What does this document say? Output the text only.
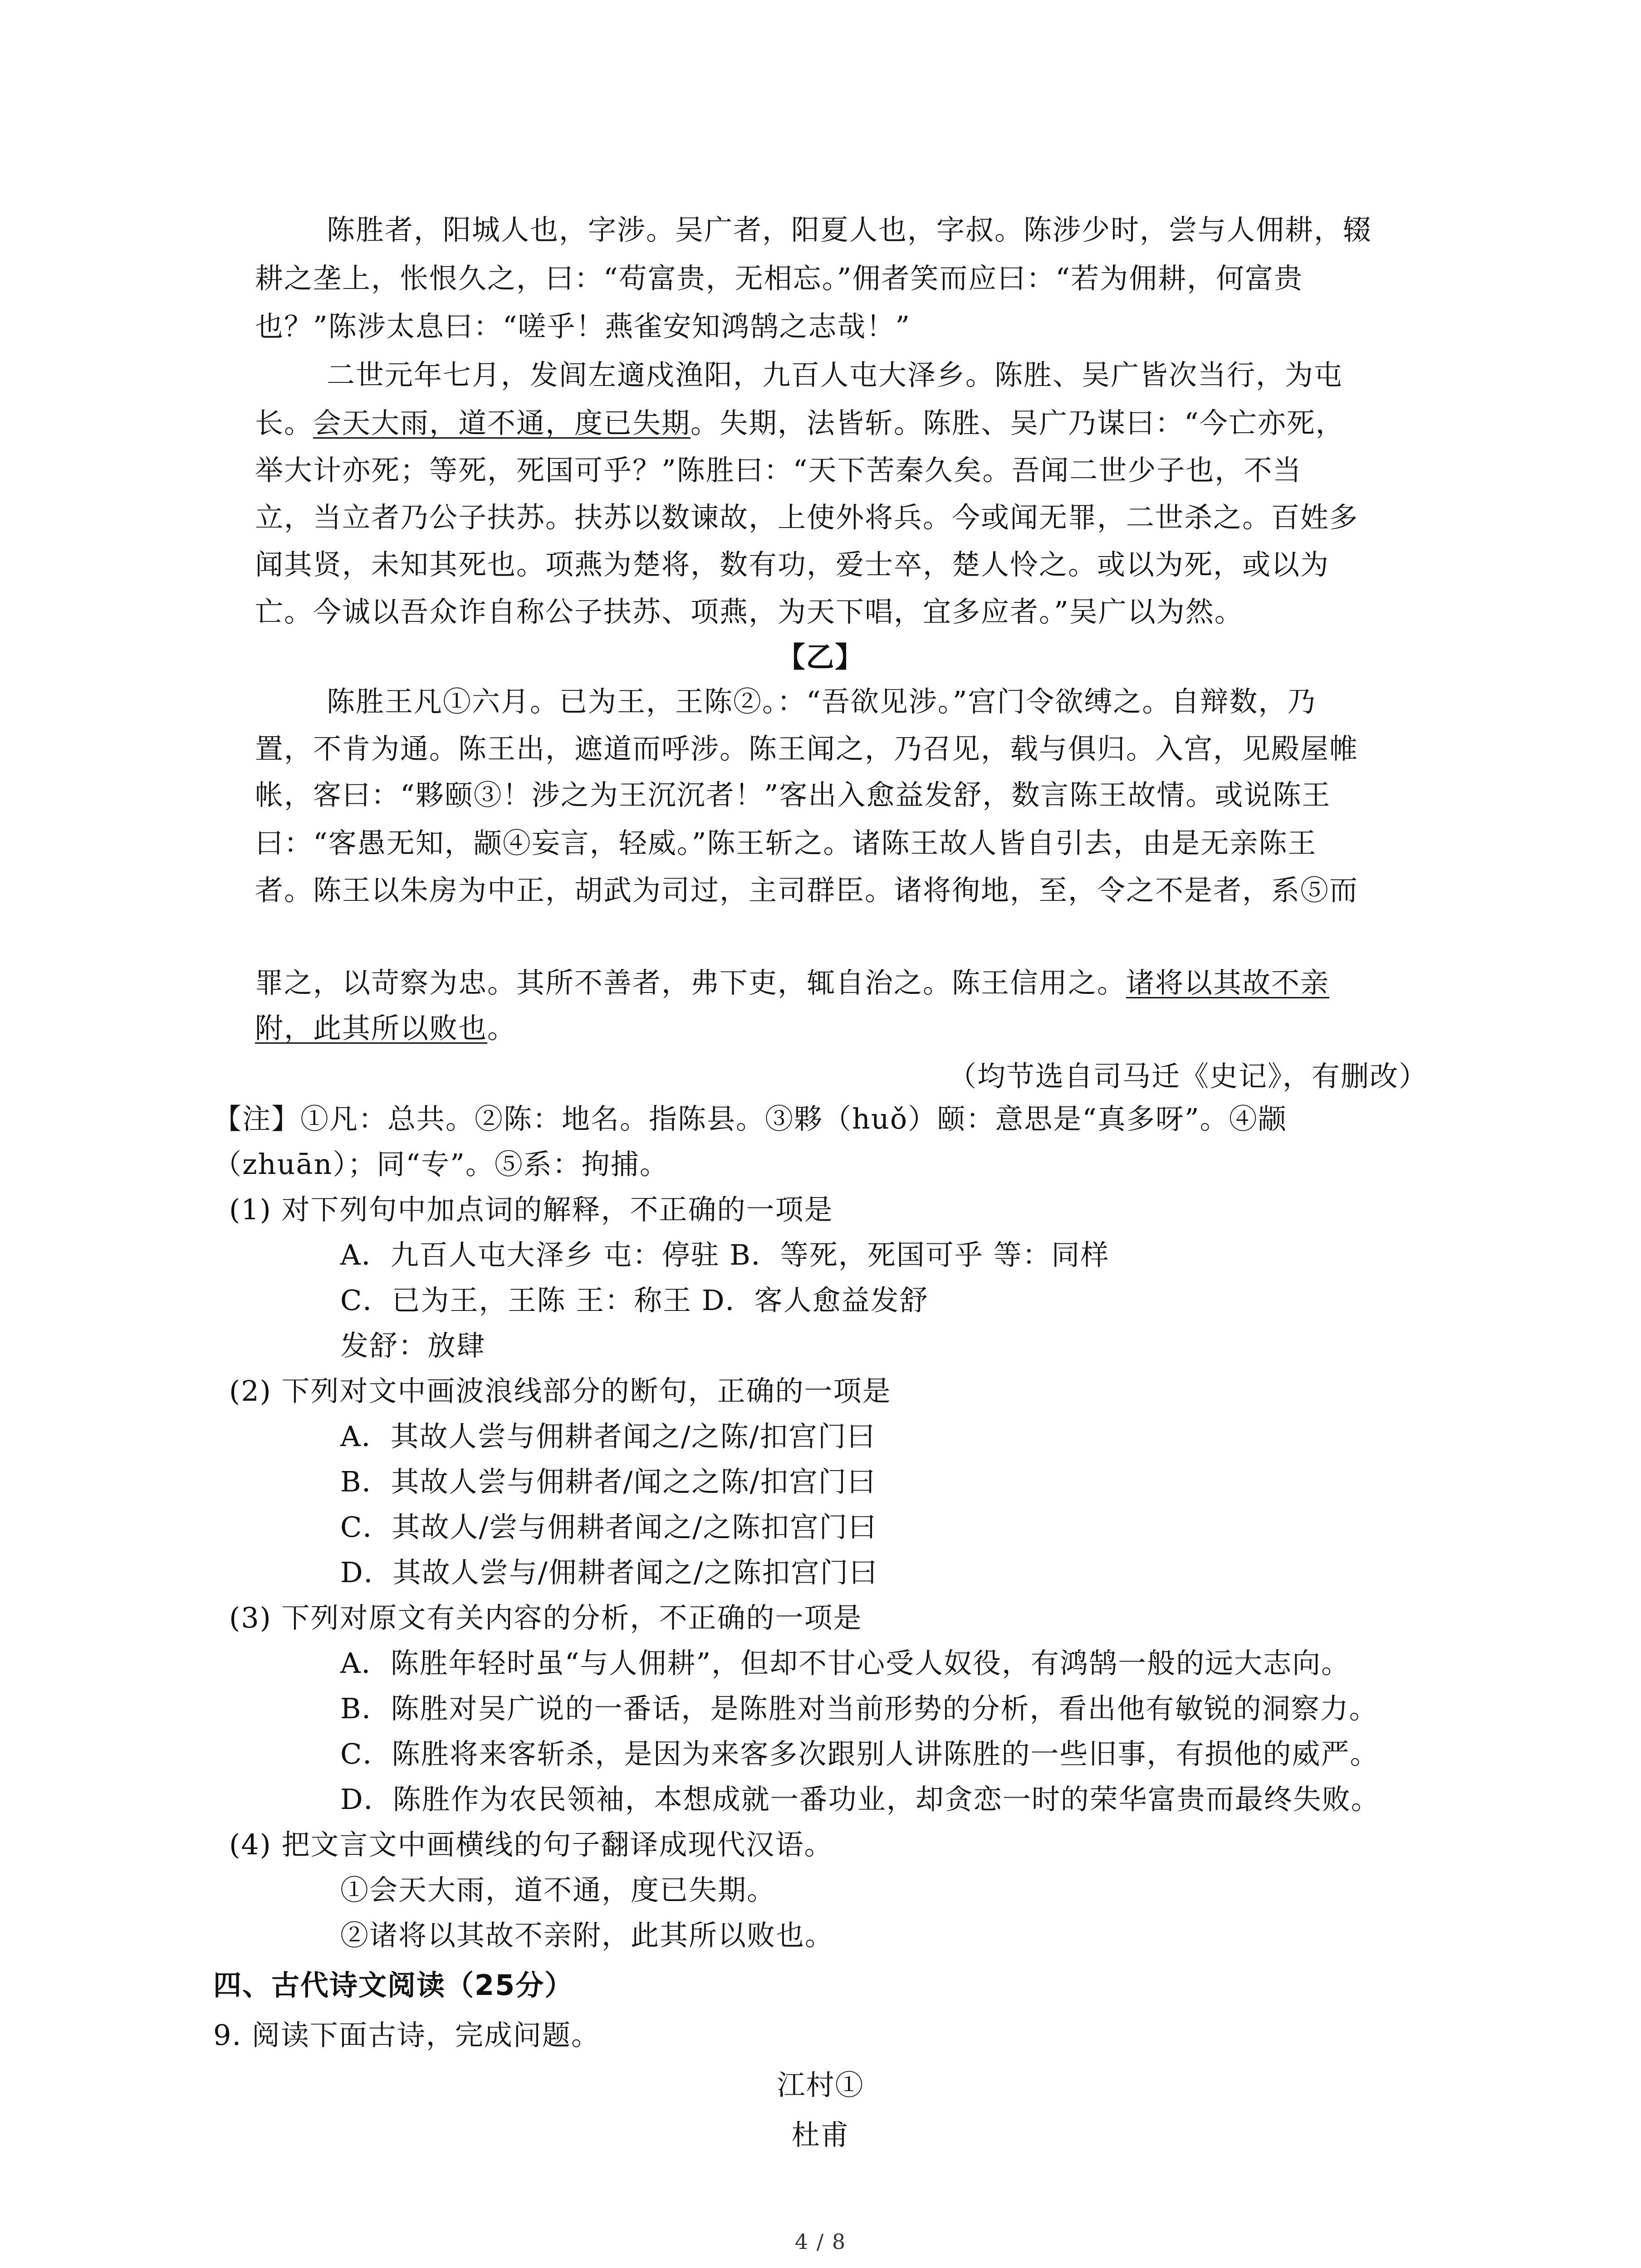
陈胜者，阳城人也，字涉。吴广者，阳夏人也，字叔。陈涉少时，尝与人佣耕，辍
耕之垄上，怅恨久之，曰：“苟富贵，无相忘。”佣者笑而应曰：“若为佣耕，何富贵
也？”陈涉太息曰：“嗟乎！燕雀安知鸿鹄之志哉！”
二世元年七月，发闾左適戍渔阳，九百人屯大泽乡。陈胜、吴广皆次当行，为屯
长。会天大雨，道不通，度已失期。失期，法皆斩。陈胜、吴广乃谋曰：“今亡亦死，
举大计亦死；等死，死国可乎？”陈胜曰：“天下苦秦久矣。吾闻二世少子也，不当
立，当立者乃公子扶苏。扶苏以数谏故，上使外将兵。今或闻无罪，二世杀之。百姓多
闻其贤，未知其死也。项燕为楚将，数有功，爱士卒，楚人怜之。或以为死，或以为
亡。今诚以吾众诈自称公子扶苏、项燕，为天下唱，宜多应者。”吴广以为然。
【乙】
陈胜王凡①六月。已为王，王陈②。：“吾欲见涉。”宫门令欲缚之。自辩数，乃
置，不肯为通。陈王出，遮道而呼涉。陈王闻之，乃召见，载与俱归。入宫，见殿屋帷
帐，客曰：“夥颐③！涉之为王沉沉者！”客出入愈益发舒，数言陈王故情。或说陈王
曰：“客愚无知，颛④妄言，轻威。”陈王斩之。诸陈王故人皆自引去，由是无亲陈王
者。陈王以朱房为中正，胡武为司过，主司群臣。诸将徇地，至，令之不是者，系⑤而
罪之，以苛察为忠。其所不善者，弗下吏，辄自治之。陈王信用之。诸将以其故不亲
附，此其所以败也。
（均节选自司马迁《史记》，有删改）
【注】①凡：总共。②陈：地名。指陈县。③夥（huǒ）颐：意思是“真多呀”。④颛
（zhuān）；同“专”。⑤系：拘捕。
(1) 对下列句中加点词的解释，不正确的一项是
A．九百人屯大泽乡 屯：停驻 B．等死，死国可乎 等：同样
C．已为王，王陈 王：称王 D．客人愈益发舒
发舒：放肆
(2) 下列对文中画波浪线部分的断句，正确的一项是
A．其故人尝与佣耕者闻之/之陈/扣宫门曰
B．其故人尝与佣耕者/闻之之陈/扣宫门曰
C．其故人/尝与佣耕者闻之/之陈扣宫门曰
D．其故人尝与/佣耕者闻之/之陈扣宫门曰
(3) 下列对原文有关内容的分析，不正确的一项是
A．陈胜年轻时虽“与人佣耕”，但却不甘心受人奴役，有鸿鹄一般的远大志向。
B．陈胜对吴广说的一番话，是陈胜对当前形势的分析，看出他有敏锐的洞察力。
C．陈胜将来客斩杀，是因为来客多次跟别人讲陈胜的一些旧事，有损他的威严。
D．陈胜作为农民领袖，本想成就一番功业，却贪恋一时的荣华富贵而最终失败。
(4) 把文言文中画横线的句子翻译成现代汉语。
①会天大雨，道不通，度已失期。
②诸将以其故不亲附，此其所以败也。
四、古代诗文阅读（25分）
9. 阅读下面古诗，完成问题。
江村①
杜甫
4 / 8
